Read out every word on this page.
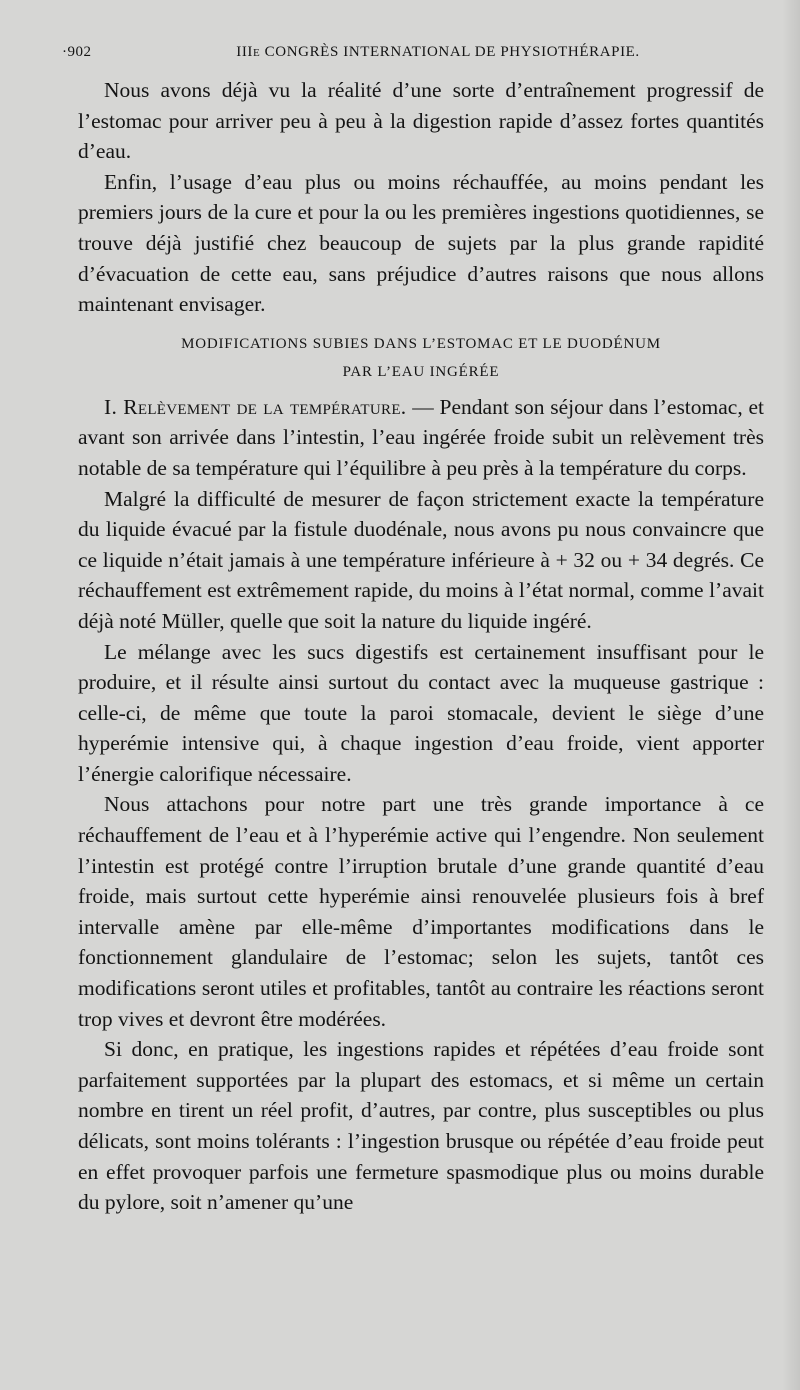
·902	IIIe CONGRÈS INTERNATIONAL DE PHYSIOTHÉRAPIE.

Nous avons déjà vu la réalité d’une sorte d’entraînement progressif de l’estomac pour arriver peu à peu à la digestion rapide d’assez fortes quantités d’eau.

Enfin, l’usage d’eau plus ou moins réchauffée, au moins pendant les premiers jours de la cure et pour la ou les premières ingestions quotidiennes, se trouve déjà justifié chez beaucoup de sujets par la plus grande rapidité d’évacuation de cette eau, sans préjudice d’autres raisons que nous allons maintenant envisager.

MODIFICATIONS SUBIES DANS L’ESTOMAC ET LE DUODÉNUM
PAR L’EAU INGÉRÉE

I. Relèvement de la température. — Pendant son séjour dans l’estomac, et avant son arrivée dans l’intestin, l’eau ingérée froide subit un relèvement très notable de sa température qui l’équilibre à peu près à la température du corps.

Malgré la difficulté de mesurer de façon strictement exacte la température du liquide évacué par la fistule duodénale, nous avons pu nous convaincre que ce liquide n’était jamais à une température inférieure à + 32 ou + 34 degrés. Ce réchauffement est extrêmement rapide, du moins à l’état normal, comme l’avait déjà noté Müller, quelle que soit la nature du liquide ingéré.

Le mélange avec les sucs digestifs est certainement insuffisant pour le produire, et il résulte ainsi surtout du contact avec la muqueuse gastrique : celle-ci, de même que toute la paroi stomacale, devient le siège d’une hyperémie intensive qui, à chaque ingestion d’eau froide, vient apporter l’énergie calorifique nécessaire.

Nous attachons pour notre part une très grande importance à ce réchauffement de l’eau et à l’hyperémie active qui l’engendre. Non seulement l’intestin est protégé contre l’irruption brutale d’une grande quantité d’eau froide, mais surtout cette hyperémie ainsi renouvelée plusieurs fois à bref intervalle amène par elle-même d’importantes modifications dans le fonctionnement glandulaire de l’estomac; selon les sujets, tantôt ces modifications seront utiles et profitables, tantôt au contraire les réactions seront trop vives et devront être modérées.

Si donc, en pratique, les ingestions rapides et répétées d’eau froide sont parfaitement supportées par la plupart des estomacs, et si même un certain nombre en tirent un réel profit, d’autres, par contre, plus susceptibles ou plus délicats, sont moins tolérants : l’ingestion brusque ou répétée d’eau froide peut en effet provoquer parfois une fermeture spasmodique plus ou moins durable du pylore, soit n’amener qu’une
